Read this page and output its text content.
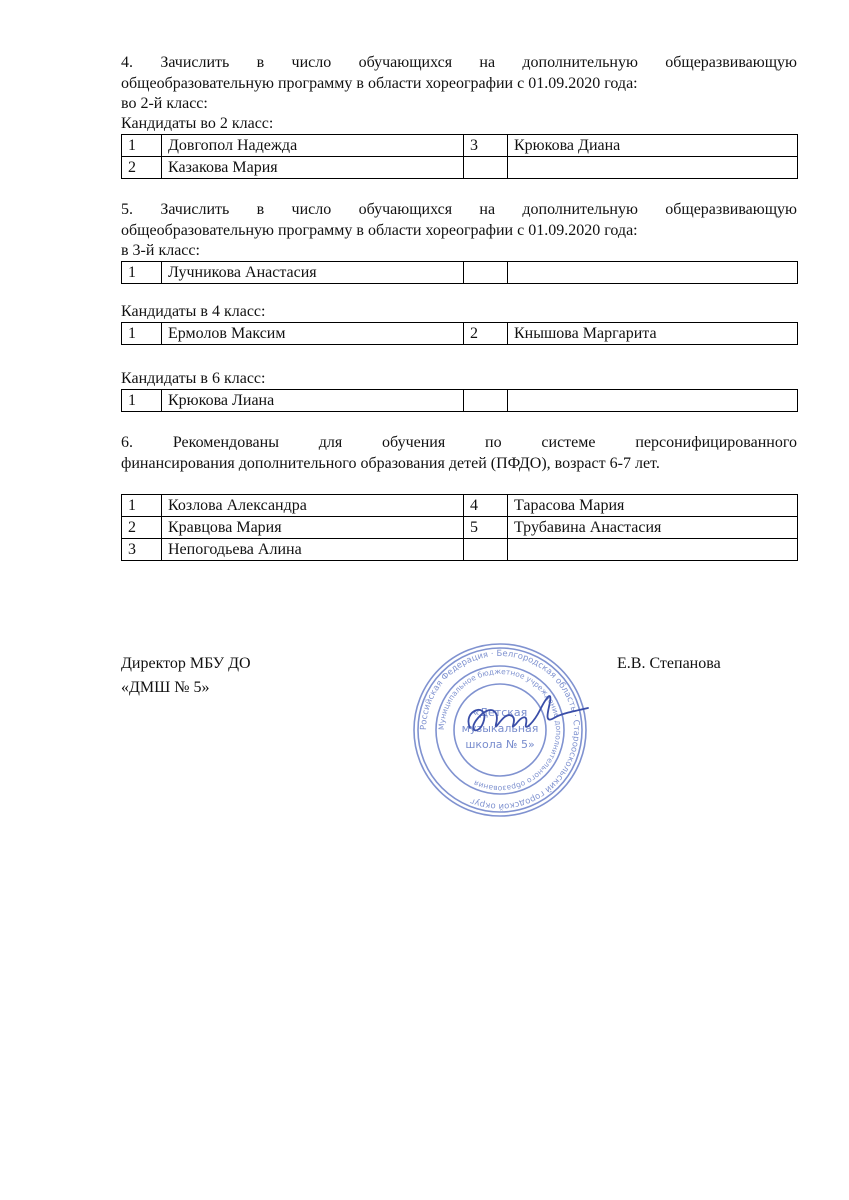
4. Зачислить в число обучающихся на дополнительную общеразвивающую

общеобразовательную программу в области хореографии с 01.09.2020 года:

во 2-й класс:

Кандидаты во 2 класс:

1	Довгопол Надежда	3	Крюкова Диана
2	Казакова Мария		

5. Зачислить в число обучающихся на дополнительную общеразвивающую

общеобразовательную программу в области хореографии с 01.09.2020 года:

в 3-й класс:

1	Лучникова Анастасия		

Кандидаты в 4 класс:

1	Ермолов Максим	2	Кнышова Маргарита

Кандидаты в 6 класс:

1	Крюкова Лиана		

6. Рекомендованы для обучения по системе персонифицированного

финансирования дополнительного образования детей (ПФДО), возраст 6-7 лет.

1	Козлова Александра	4	Тарасова Мария
2	Кравцова Мария	5	Трубавина Анастасия
3	Непогодьева Алина		
Директор МБУ ДО
«ДМШ № 5»
Е.В. Степанова
Российская Федерация · Белгородская область · Старооскольский городской округ
Муниципальное бюджетное учреждение дополнительного образования
«Детская
музыкальная
школа № 5»
